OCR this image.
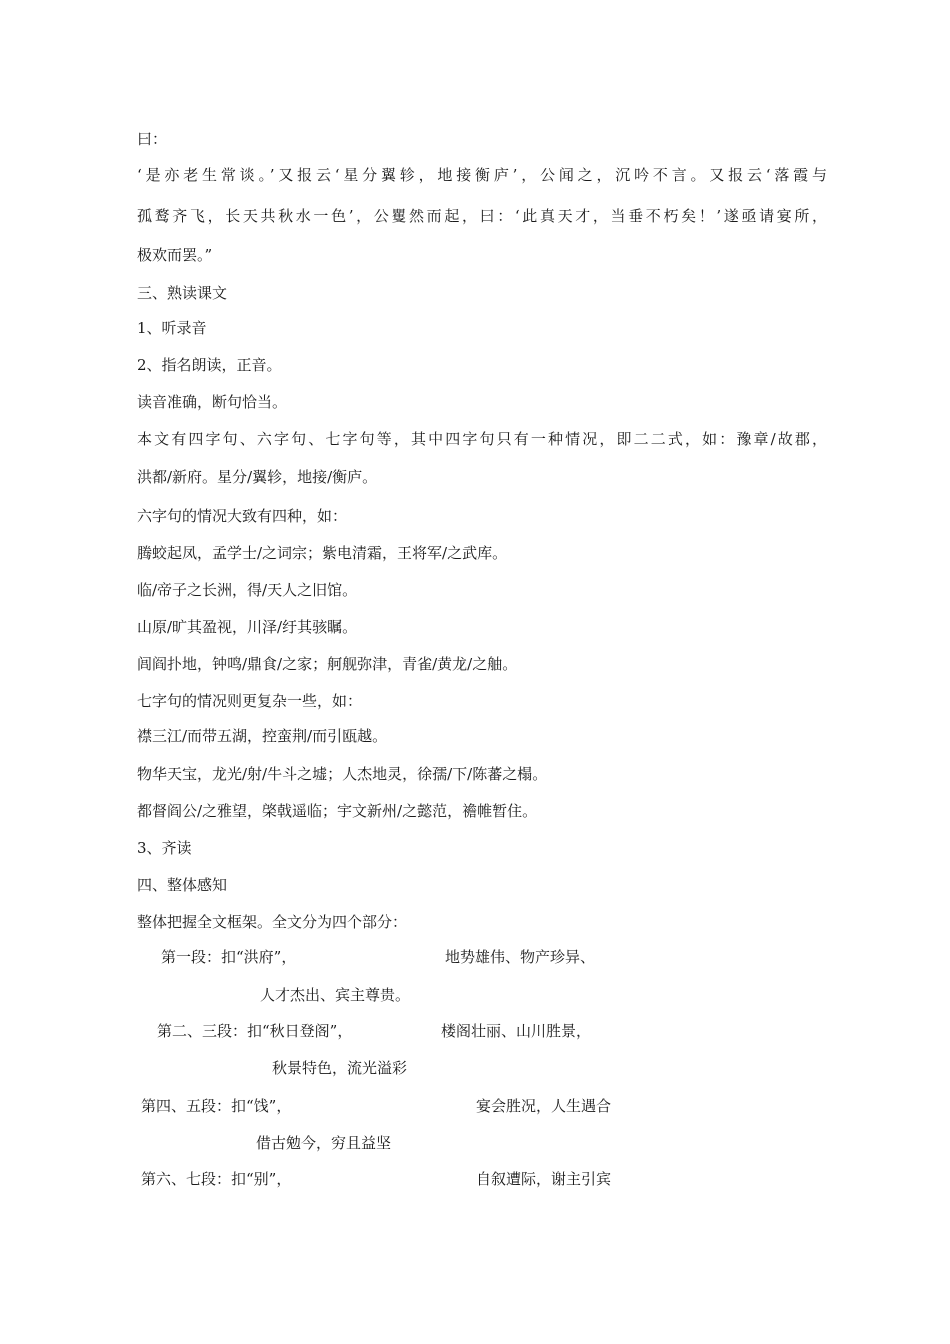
曰：
‘是亦老生常谈。’又报云‘星分翼轸，地接衡庐’，公闻之，沉吟不言。又报云‘落霞与
孤鹜齐飞，长天共秋水一色’，公矍然而起，曰：‘此真天才，当垂不朽矣！’遂亟请宴所，
极欢而罢。”
三、熟读课文
1、听录音
2、指名朗读，正音。
读音准确，断句恰当。
本文有四字句、六字句、七字句等，其中四字句只有一种情况，即二二式，如：豫章/故郡，
洪都/新府。星分/翼轸，地接/衡庐。
六字句的情况大致有四种，如：
腾蛟起凤，孟学士/之词宗；紫电清霜，王将军/之武库。
临/帝子之长洲，得/天人之旧馆。
山原/旷其盈视，川泽/纡其骇瞩。
闾阎扑地，钟鸣/鼎食/之家；舸舰弥津，青雀/黄龙/之舳。
七字句的情况则更复杂一些，如：
襟三江/而带五湖，控蛮荆/而引瓯越。
物华天宝，龙光/射/牛斗之墟；人杰地灵，徐孺/下/陈蕃之榻。
都督阎公/之雅望，棨戟遥临；宇文新州/之懿范，襜帷暂住。
3、齐读
四、整体感知
整体把握全文框架。全文分为四个部分：
第一段：扣“洪府”，	地势雄伟、物产珍异、
人才杰出、宾主尊贵。
第二、三段：扣“秋日登阁”，	楼阁壮丽、山川胜景，
秋景特色，流光溢彩
第四、五段：扣“饯”，	宴会胜况，人生遇合
借古勉今，穷且益坚
第六、七段：扣“别”，	自叙遭际，谢主引宾
